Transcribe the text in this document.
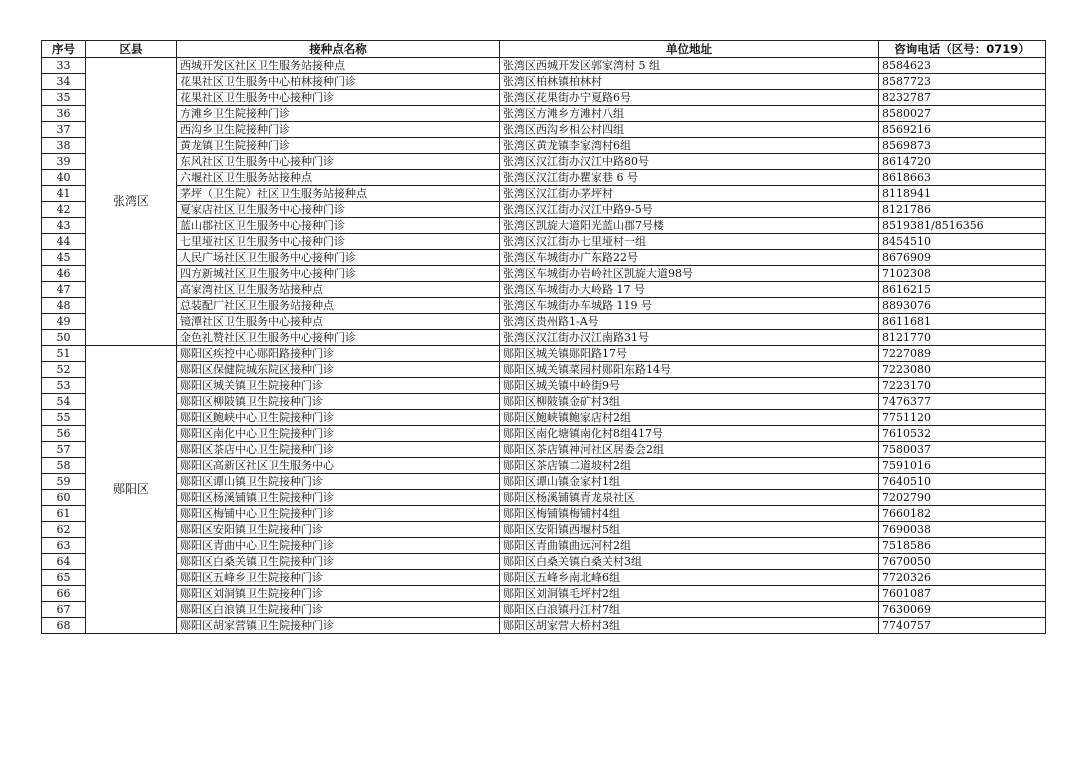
序号	区县	接种点名称	单位地址	咨询电话（区号：0719）
33	张湾区	西城开发区社区卫生服务站接种点	张湾区西城开发区郭家湾村 5 组	8584623
34		花果社区卫生服务中心柏林接种门诊	张湾区柏林镇柏林村	8587723
35		花果社区卫生服务中心接种门诊	张湾区花果街办宁夏路6号	8232787
36		方滩乡卫生院接种门诊	张湾区方滩乡方滩村八组	8580027
37		西沟乡卫生院接种门诊	张湾区西沟乡相公村四组	8569216
38		黄龙镇卫生院接种门诊	张湾区黄龙镇李家湾村6组	8569873
39		东风社区卫生服务中心接种门诊	张湾区汉江街办汉江中路80号	8614720
40		六堰社区卫生服务站接种点	张湾区汉江街办瞿家巷 6 号	8618663
41		茅坪（卫生院）社区卫生服务站接种点	张湾区汉江街办茅坪村	8118941
42		夏家店社区卫生服务中心接种门诊	张湾区汉江街办汉江中路9-5号	8121786
43		蓝山郡社区卫生服务中心接种门诊	张湾区凯旋大道阳光蓝山郡7号楼	8519381/8516356
44		七里垭社区卫生服务中心接种门诊	张湾区汉江街办七里垭村一组	8454510
45		人民广场社区卫生服务中心接种门诊	张湾区车城街办广东路22号	8676909
46		四方新城社区卫生服务中心接种门诊	张湾区车城街办岩岭社区凯旋大道98号	7102308
47		高家湾社区卫生服务站接种点	张湾区车城街办大岭路 17 号	8616215
48		总装配厂社区卫生服务站接种点	张湾区车城街办车城路 119 号	8893076
49		镜潭社区卫生服务中心接种点	张湾区贵州路1-A号	8611681
50		金色礼赞社区卫生服务中心接种门诊	张湾区汉江街办汉江南路31号	8121770
51	郧阳区	郧阳区疾控中心郧阳路接种门诊	郧阳区城关镇郧阳路17号	7227089
52		郧阳区保健院城东院区接种门诊	郧阳区城关镇菜园村郧阳东路14号	7223080
53		郧阳区城关镇卫生院接种门诊	郧阳区城关镇中岭街9号	7223170
54		郧阳区柳陂镇卫生院接种门诊	郧阳区柳陂镇金矿村3组	7476377
55		郧阳区鲍峡中心卫生院接种门诊	郧阳区鲍峡镇鲍家店村2组	7751120
56		郧阳区南化中心卫生院接种门诊	郧阳区南化塘镇南化村8组417号	7610532
57		郧阳区茶店中心卫生院接种门诊	郧阳区茶店镇神河社区居委会2组	7580037
58		郧阳区高新区社区卫生服务中心	郧阳区茶店镇二道坡村2组	7591016
59		郧阳区谭山镇卫生院接种门诊	郧阳区谭山镇金家村1组	7640510
60		郧阳区杨溪铺镇卫生院接种门诊	郧阳区杨溪铺镇青龙泉社区	7202790
61		郧阳区梅铺中心卫生院接种门诊	郧阳区梅铺镇梅铺村4组	7660182
62		郧阳区安阳镇卫生院接种门诊	郧阳区安阳镇西堰村5组	7690038
63		郧阳区青曲中心卫生院接种门诊	郧阳区青曲镇曲远河村2组	7518586
64		郧阳区白桑关镇卫生院接种门诊	郧阳区白桑关镇白桑关村3组	7670050
65		郧阳区五峰乡卫生院接种门诊	郧阳区五峰乡南北峰6组	7720326
66		郧阳区刘洞镇卫生院接种门诊	郧阳区刘洞镇毛坪村2组	7601087
67		郧阳区白浪镇卫生院接种门诊	郧阳区白浪镇丹江村7组	7630069
68		郧阳区胡家营镇卫生院接种门诊	郧阳区胡家营大桥村3组	7740757
